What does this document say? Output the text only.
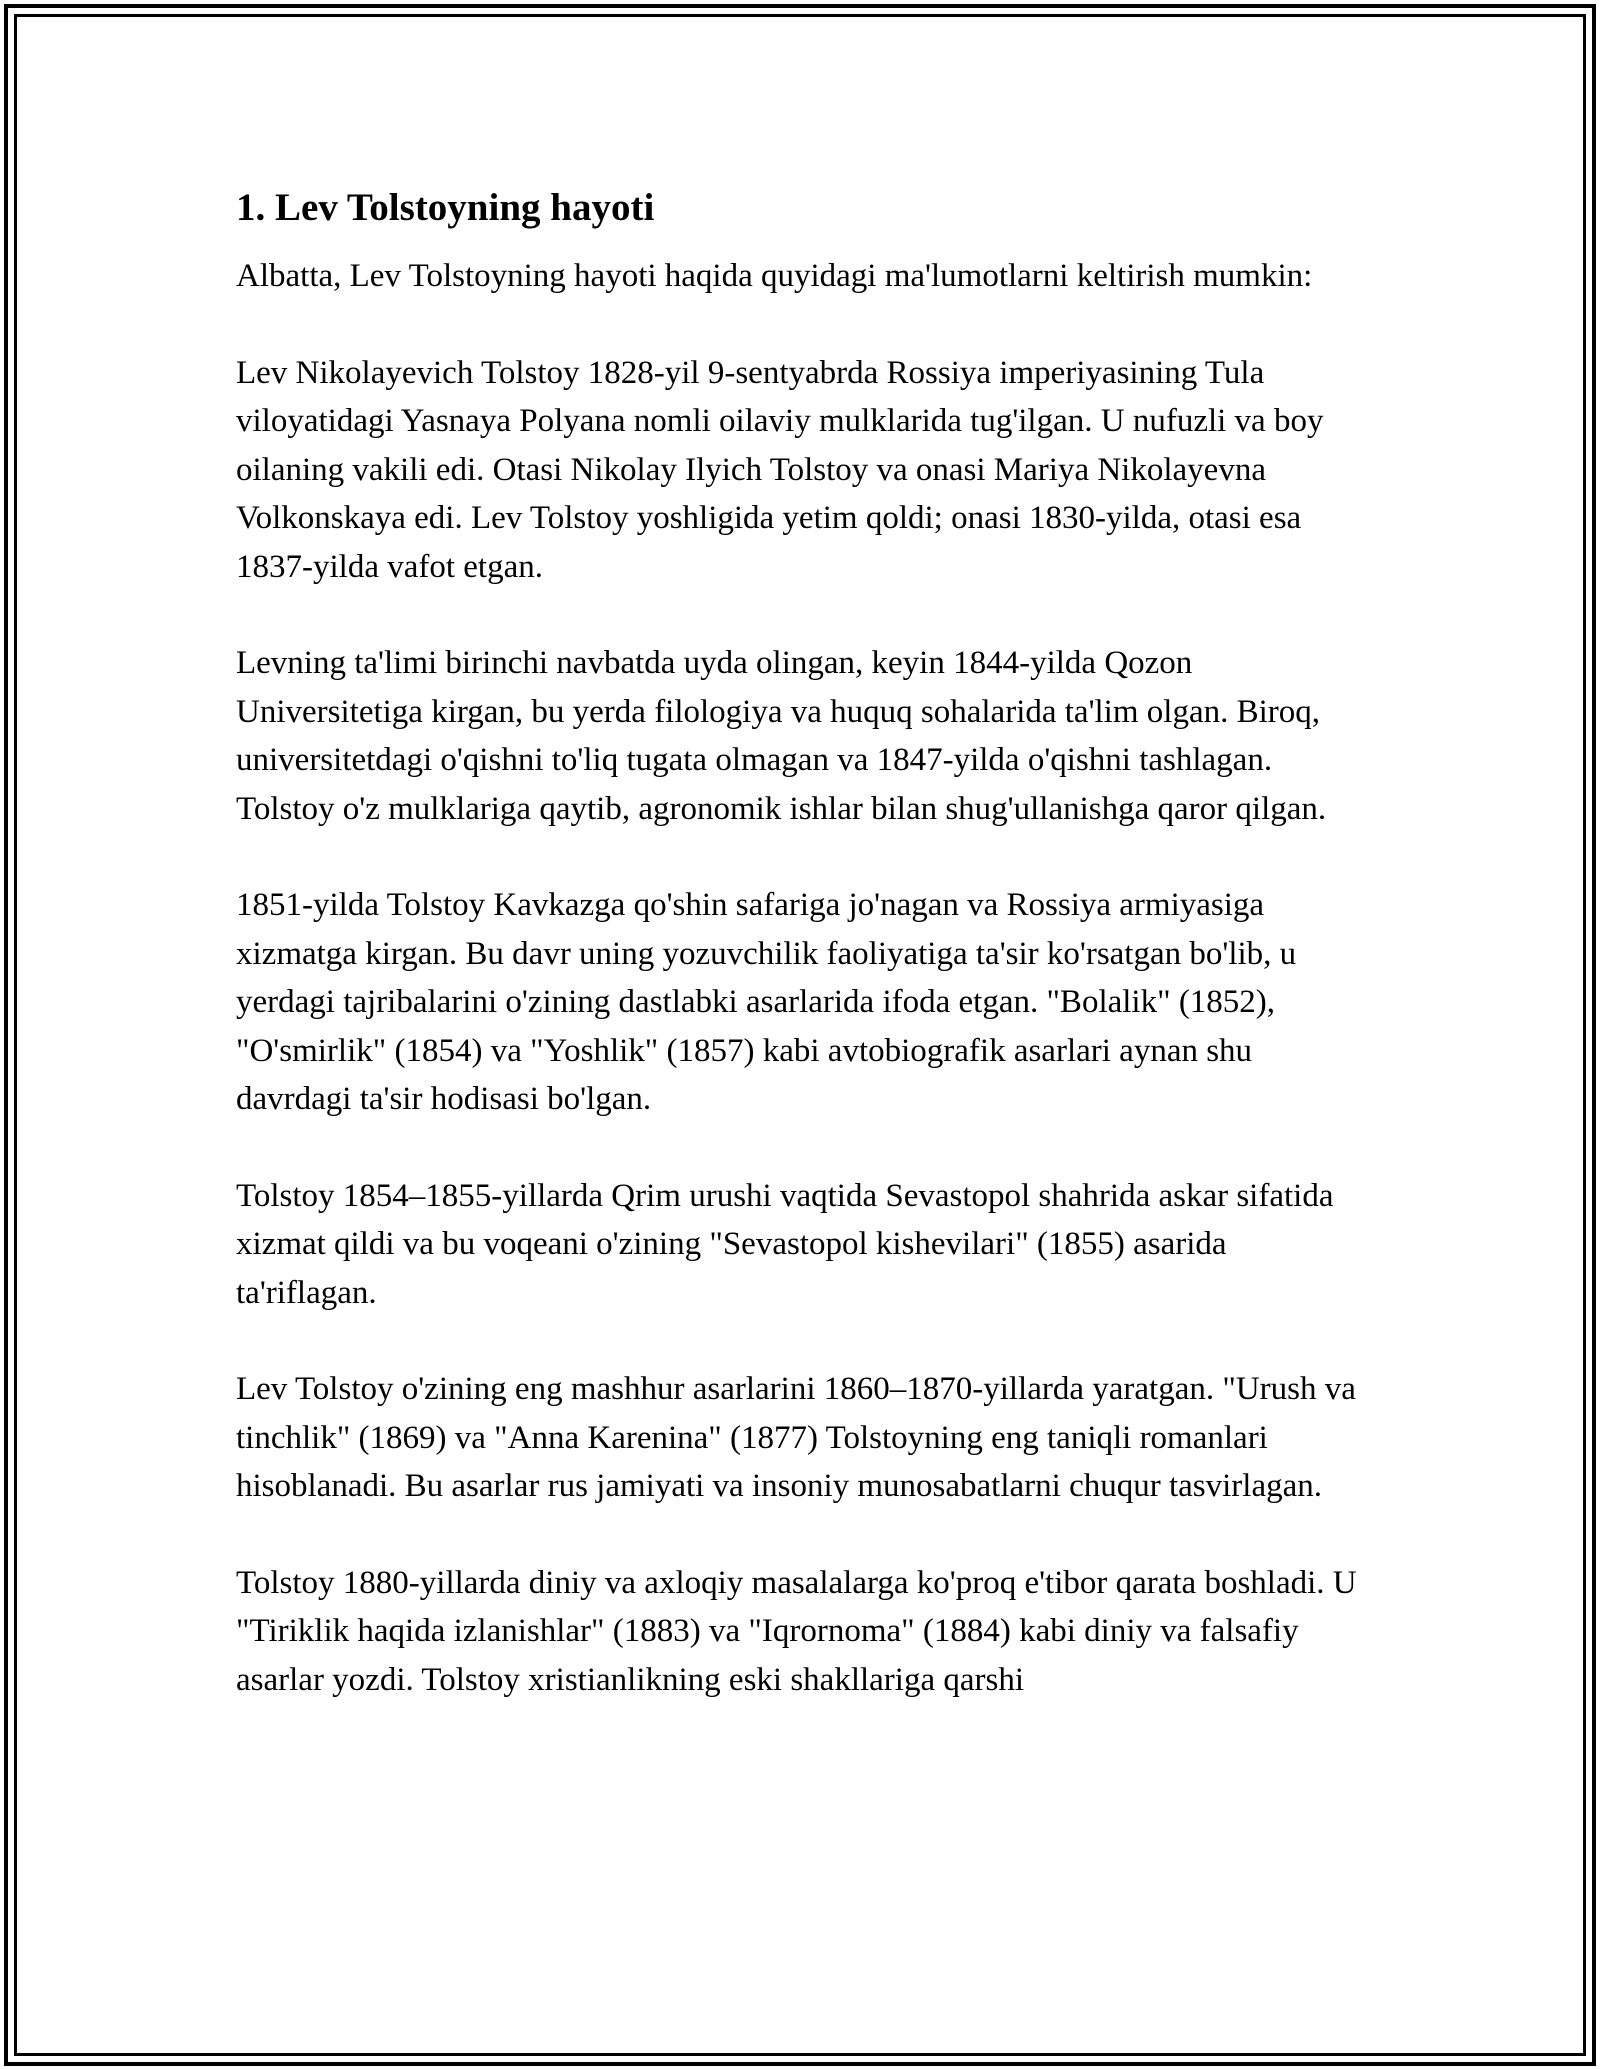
1. Lev Tolstoyning hayoti

Albatta, Lev Tolstoyning hayoti haqida quyidagi ma'lumotlarni keltirish mumkin:

Lev Nikolayevich Tolstoy 1828-yil 9-sentyabrda Rossiya imperiyasining Tula viloyatidagi Yasnaya Polyana nomli oilaviy mulklarida tug'ilgan. U nufuzli va boy oilaning vakili edi. Otasi Nikolay Ilyich Tolstoy va onasi Mariya Nikolayevna Volkonskaya edi. Lev Tolstoy yoshligida yetim qoldi; onasi 1830-yilda, otasi esa 1837-yilda vafot etgan.

Levning ta'limi birinchi navbatda uyda olingan, keyin 1844-yilda Qozon Universitetiga kirgan, bu yerda filologiya va huquq sohalarida ta'lim olgan. Biroq, universitetdagi o'qishni to'liq tugata olmagan va 1847-yilda o'qishni tashlagan. Tolstoy o'z mulklariga qaytib, agronomik ishlar bilan shug'ullanishga qaror qilgan.

1851-yilda Tolstoy Kavkazga qo'shin safariga jo'nagan va Rossiya armiyasiga xizmatga kirgan. Bu davr uning yozuvchilik faoliyatiga ta'sir ko'rsatgan bo'lib, u yerdagi tajribalarini o'zining dastlabki asarlarida ifoda etgan. "Bolalik" (1852), "O'smirlik" (1854) va "Yoshlik" (1857) kabi avtobiografik asarlari aynan shu davrdagi ta'sir hodisasi bo'lgan.

Tolstoy 1854–1855-yillarda Qrim urushi vaqtida Sevastopol shahrida askar sifatida xizmat qildi va bu voqeani o'zining "Sevastopol kishevilari" (1855) asarida ta'riflagan.

Lev Tolstoy o'zining eng mashhur asarlarini 1860–1870-yillarda yaratgan. "Urush va tinchlik" (1869) va "Anna Karenina" (1877) Tolstoyning eng taniqli romanlari hisoblanadi. Bu asarlar rus jamiyati va insoniy munosabatlarni chuqur tasvirlagan.

Tolstoy 1880-yillarda diniy va axloqiy masalalarga ko'proq e'tibor qarata boshladi. U "Tiriklik haqida izlanishlar" (1883) va "Iqrornoma" (1884) kabi diniy va falsafiy asarlar yozdi. Tolstoy xristianlikning eski shakllariga qarshi
